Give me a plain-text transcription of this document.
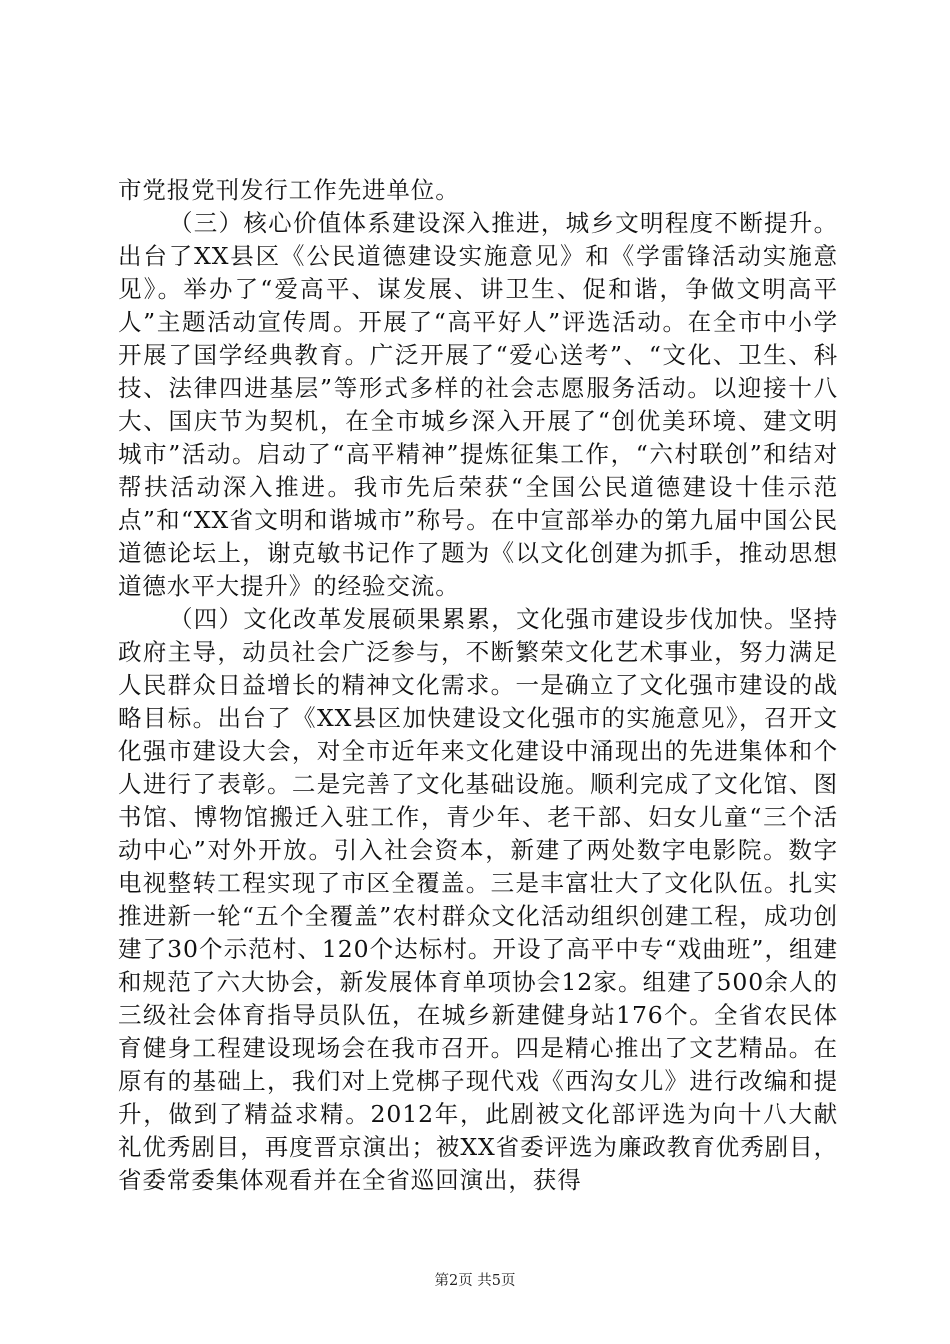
市党报党刊发行工作先进单位。

（三）核心价值体系建设深入推进，城乡文明程度不断提升。出台了XX县区《公民道德建设实施意见》和《学雷锋活动实施意见》。举办了“爱高平、谋发展、讲卫生、促和谐，争做文明高平人”主题活动宣传周。开展了“高平好人”评选活动。在全市中小学开展了国学经典教育。广泛开展了“爱心送考”、“文化、卫生、科技、法律四进基层”等形式多样的社会志愿服务活动。以迎接十八大、国庆节为契机，在全市城乡深入开展了“创优美环境、建文明城市”活动。启动了“高平精神”提炼征集工作，“六村联创”和结对帮扶活动深入推进。我市先后荣获“全国公民道德建设十佳示范点”和“XX省文明和谐城市”称号。在中宣部举办的第九届中国公民道德论坛上，谢克敏书记作了题为《以文化创建为抓手，推动思想道德水平大提升》的经验交流。

（四）文化改革发展硕果累累，文化强市建设步伐加快。坚持政府主导，动员社会广泛参与，不断繁荣文化艺术事业，努力满足人民群众日益增长的精神文化需求。一是确立了文化强市建设的战略目标。出台了《XX县区加快建设文化强市的实施意见》，召开文化强市建设大会，对全市近年来文化建设中涌现出的先进集体和个人进行了表彰。二是完善了文化基础设施。顺利完成了文化馆、图书馆、博物馆搬迁入驻工作，青少年、老干部、妇女儿童“三个活动中心”对外开放。引入社会资本，新建了两处数字电影院。数字电视整转工程实现了市区全覆盖。三是丰富壮大了文化队伍。扎实推进新一轮“五个全覆盖”农村群众文化活动组织创建工程，成功创建了30个示范村、120个达标村。开设了高平中专“戏曲班”，组建和规范了六大协会，新发展体育单项协会12家。组建了500余人的三级社会体育指导员队伍，在城乡新建健身站176个。全省农民体育健身工程建设现场会在我市召开。四是精心推出了文艺精品。在原有的基础上，我们对上党梆子现代戏《西沟女儿》进行改编和提升，做到了精益求精。2012年，此剧被文化部评选为向十八大献礼优秀剧目，再度晋京演出；被XX省委评选为廉政教育优秀剧目，省委常委集体观看并在全省巡回演出，获得

第2页 共5页
